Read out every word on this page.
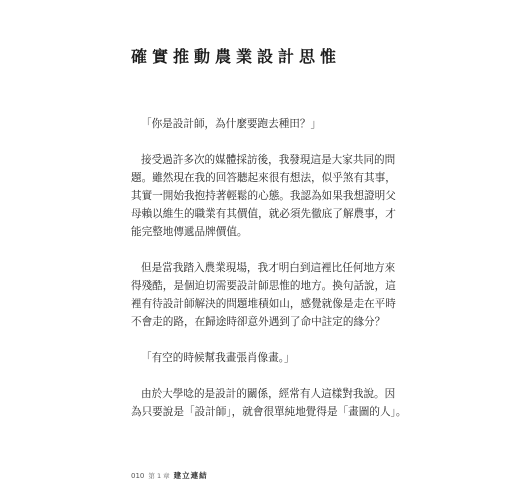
確實推動農業設計思惟

「你是設計師，為什麼要跑去種田？」

接受過許多次的媒體採訪後，我發現這是大家共同的問
題。雖然現在我的回答聽起來很有想法，似乎煞有其事，
其實一開始我抱持著輕鬆的心態。我認為如果我想證明父
母賴以維生的職業有其價值，就必須先徹底了解農事，才
能完整地傳遞品牌價值。

但是當我踏入農業現場，我才明白到這裡比任何地方來
得殘酷，是個迫切需要設計師思惟的地方。換句話說，這
裡有待設計師解決的問題堆積如山，感覺就像是走在平時
不會走的路，在歸途時卻意外遇到了命中註定的緣分？

「有空的時候幫我畫張肖像畫。」

由於大學唸的是設計的關係，經常有人這樣對我說。因
為只要說是「設計師」，就會很單純地覺得是「畫圖的人」。

010 第 1 章 建立連結
